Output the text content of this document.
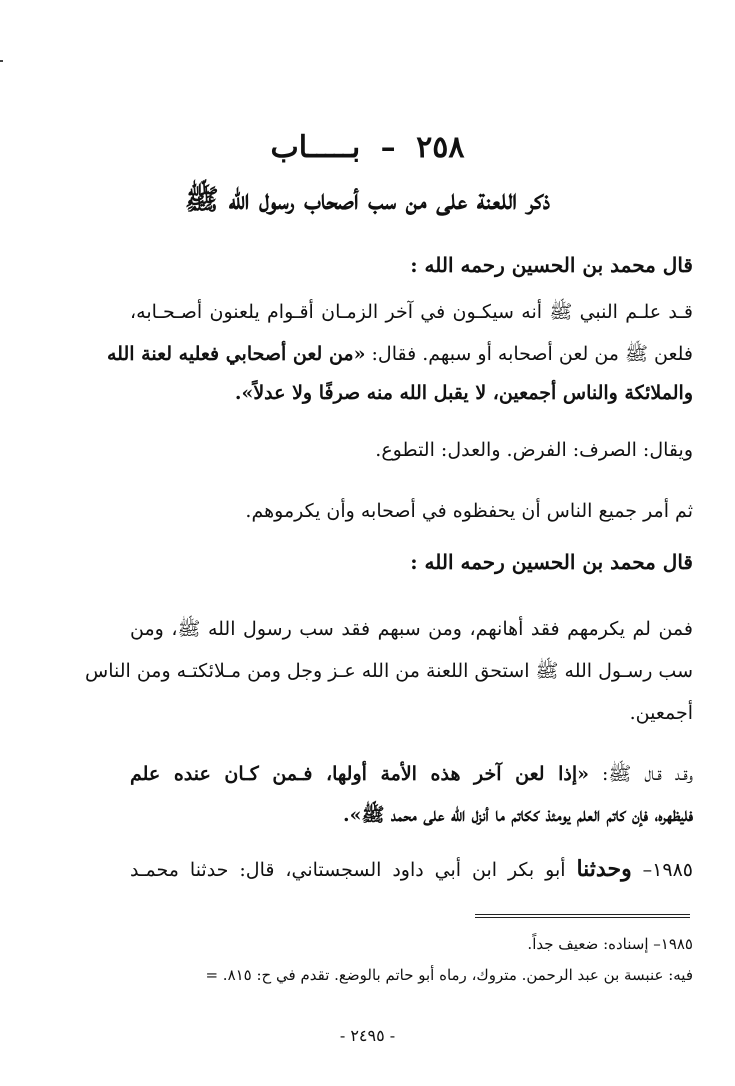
٢٥٨ – بـــــاب
ذكر اللعنة على من سب أصحاب رسول الله ﷺ
قال محمد بن الحسين رحمه الله :
قـد علـم النبي ﷺ أنه سيكـون في آخر الزمـان أقـوام يلعنون أصـحـابه،
فلعن ﷺ من لعن أصحابه أو سبهم. فقال: «من لعن أصحابي فعليه لعنة الله
والملائكة والناس أجمعين، لا يقبل الله منه صرفًا ولا عدلاً».
ويقال: الصرف: الفرض. والعدل: التطوع.
ثم أمر جميع الناس أن يحفظوه في أصحابه وأن يكرموهم.
قال محمد بن الحسين رحمه الله :
فمن لم يكرمهم فقد أهانهم، ومن سبهم فقد سب رسول الله ﷺ، ومن
سب رسـول الله ﷺ استحق اللعنة من الله عـز وجل ومن مـلائكتـه ومن الناس
أجمعين.
وقـد قـال ﷺ: «إذا لعن آخر هذه الأمة أولها، فـمن كـان عنده علم
فليظهره، فإن كاتم العلم يومئذ ككاتم ما أنزل الله على محمد ﷺ».
١٩٨٥– وحدثنا أبو بكر ابن أبي داود السجستاني، قال: حدثنا محمـد
١٩٨٥– إسناده: ضعيف جداً.
فيه: عنبسة بن عبد الرحمن. متروك، رماه أبو حاتم بالوضع. تقدم في ح: ٨١٥. =
- ٢٤٩٥ -
